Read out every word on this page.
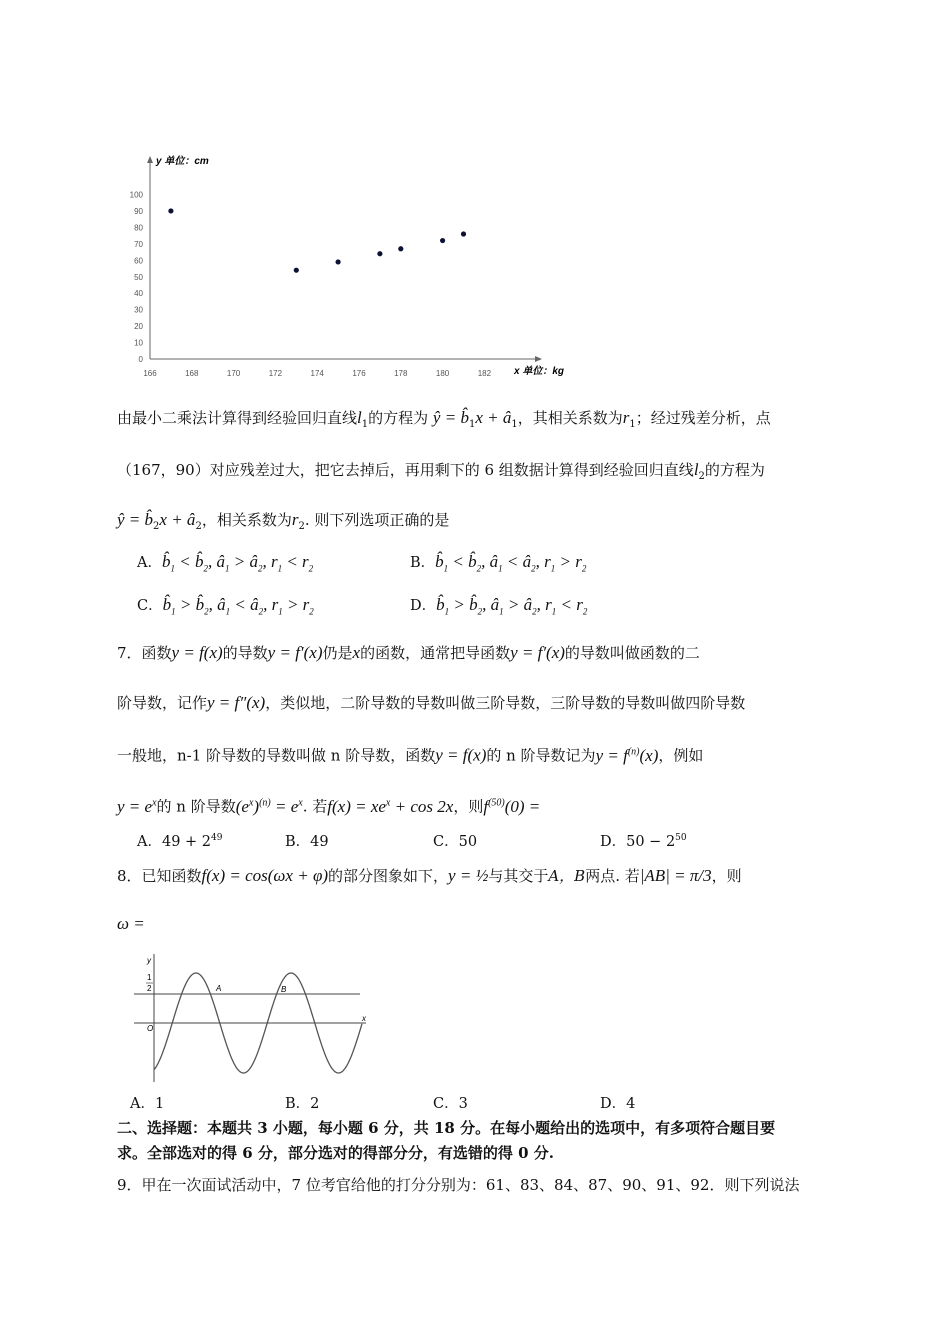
166	168	170	172	174	176	178	180	182
0
10
20
30
40
50
60
70
80
90
100
y 单位：cm
x 单位：kg
由最小二乘法计算得到经验回归直线$l_1$的方程为 ŷ = $b̂_1x$ + $â_1$，其相关系数为$r_1$；经过残差分析，点
（167，90）对应残差过大，把它去掉后，再用剩下的 6 组数据计算得到经验回归直线$l_2$的方程为
ŷ = $b̂_2x$ + $â_2$，相关系数为$r_2$. 则下列选项正确的是
A．$b̂_1$ < $b̂_2$, $â_1$ > $â_2$, $r_1 < r_2$	B．$b̂_1$ < $b̂_2$, $â_1$ < $â_2$, $r_1 > r_2$
C．$b̂_1$ > $b̂_2$, $â_1$ < $â_2$, $r_1 > r_2$	D．$b̂_1$ > $b̂_2$, $â_1$ > $â_2$, $r_1 < r_2$
7．函数y = f(x)的导数y = f′(x)仍是x的函数，通常把导函数y = f′(x)的导数叫做函数的二
阶导数，记作y = f″(x)，类似地，二阶导数的导数叫做三阶导数，三阶导数的导数叫做四阶导数
一般地，n-1 阶导数的导数叫做 n 阶导数，函数y = f(x)的 n 阶导数记为$y = f^{(n)}(x)$，例如
$y = e^x$的 n 阶导数$(e^x)^{(n)} = e^x$. 若$f(x) = xe^x + \cos 2x$，则$f^{(50)}(0)$ =
A．$49 + 2^{49}$	B．49	C．50	D．$50 - 2^{50}$
8．已知函数f(x) = cos(ωx + φ)的部分图象如下，y = ½与其交于A，B两点. 若|AB| = π/3，则
ω =
y
x
O
1
2	A	B
A．1	B．2	C．3	D．4
二、选择题：本题共 3 小题，每小题 6 分，共 18 分。在每小题给出的选项中，有多项符合题目要
求。全部选对的得 6 分，部分选对的得部分分，有选错的得 0 分.
9．甲在一次面试活动中，7 位考官给他的打分分别为：61、83、84、87、90、91、92．则下列说法
